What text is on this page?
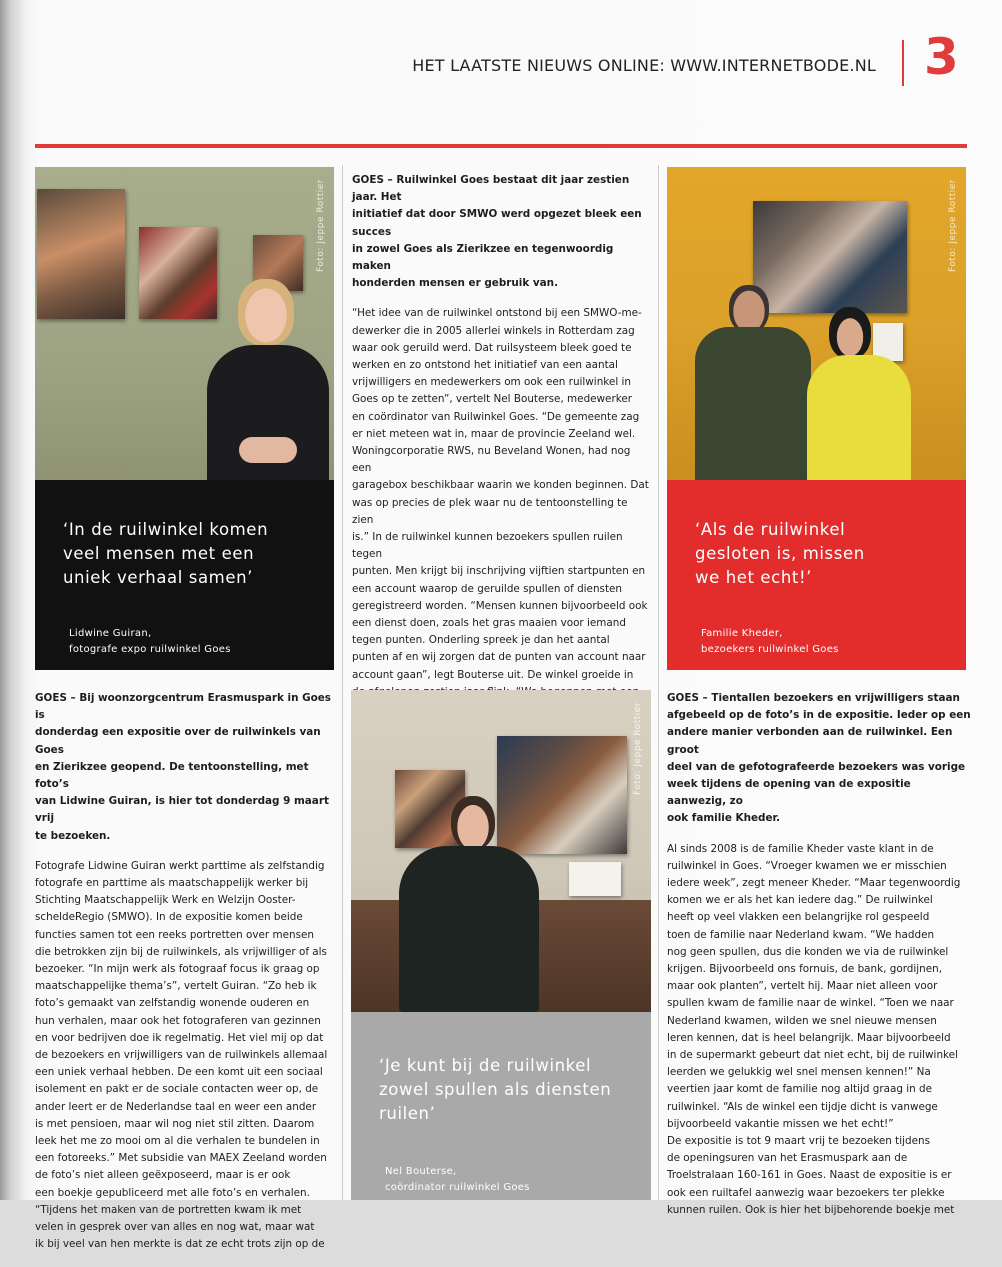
HET LAATSTE NIEUWS ONLINE: WWW.INTERNETBODE.NL 3
Foto: Jeppe Rottier
‘In de ruilwinkel komen
veel mensen met een
uniek verhaal samen’
Lidwine Guiran,
fotografe expo ruilwinkel Goes

GOES – Ruilwinkel Goes bestaat dit jaar zestien jaar. Het
initiatief dat door SMWO werd opgezet bleek een succes
in zowel Goes als Zierikzee en tegenwoordig maken
honderden mensen er gebruik van.

“Het idee van de ruilwinkel ontstond bij een SMWO-me-
dewerker die in 2005 allerlei winkels in Rotterdam zag
waar ook geruild werd. Dat ruilsysteem bleek goed te
werken en zo ontstond het initiatief van een aantal
vrijwilligers en medewerkers om ook een ruilwinkel in
Goes op te zetten”, vertelt Nel Bouterse, medewerker
en coördinator van Ruilwinkel Goes. “De gemeente zag
er niet meteen wat in, maar de provincie Zeeland wel.
Woningcorporatie RWS, nu Beveland Wonen, had nog een
garagebox beschikbaar waarin we konden beginnen. Dat
was op precies de plek waar nu de tentoonstelling te zien
is.” In de ruilwinkel kunnen bezoekers spullen ruilen tegen
punten. Men krijgt bij inschrijving vijftien startpunten en
een account waarop de geruilde spullen of diensten
geregistreerd worden. “Mensen kunnen bijvoorbeeld ook
een dienst doen, zoals het gras maaien voor iemand
tegen punten. Onderling spreek je dan het aantal
punten af en wij zorgen dat de punten van account naar
account gaan”, legt Bouterse uit. De winkel groeide in

Foto: Jeppe Rottier
‘Als de ruilwinkel
gesloten is, missen
we het echt!’
Familie Kheder,
bezoekers ruilwinkel Goes

GOES – Bij woonzorgcentrum Erasmuspark in Goes is
donderdag een expositie over de ruilwinkels van Goes
en Zierikzee geopend. De tentoonstelling, met foto’s
van Lidwine Guiran, is hier tot donderdag 9 maart vrij
te bezoeken.

Fotografe Lidwine Guiran werkt parttime als zelfstandig
fotografe en parttime als maatschappelijk werker bij
Stichting Maatschappelijk Werk en Welzijn Ooster-
scheldeRegio (SMWO). In de expositie komen beide
functies samen tot een reeks portretten over mensen
die betrokken zijn bij de ruilwinkels, als vrijwilliger of als
bezoeker. “In mijn werk als fotograaf focus ik graag op
maatschappelijke thema’s”, vertelt Guiran. “Zo heb ik
foto’s gemaakt van zelfstandig wonende ouderen en
hun verhalen, maar ook het fotograferen van gezinnen
en voor bedrijven doe ik regelmatig. Het viel mij op dat
de bezoekers en vrijwilligers van de ruilwinkels allemaal
een uniek verhaal hebben. De een komt uit een sociaal
isolement en pakt er de sociale contacten weer op, de
ander leert er de Nederlandse taal en weer een ander
is met pensioen, maar wil nog niet stil zitten. Daarom
leek het me zo mooi om al die verhalen te bundelen in
een fotoreeks.” Met subsidie van MAEX Zeeland worden
de foto’s niet alleen geëxposeerd, maar is er ook
een boekje gepubliceerd met alle foto’s en verhalen.
“Tijdens het maken van de portretten kwam ik met
velen in gesprek over van alles en nog wat, maar wat
ik bij veel van hen merkte is dat ze echt trots zijn op de

Foto: Jeppe Rottier
‘Je kunt bij de ruilwinkel
zowel spullen als diensten
ruilen’
Nel Bouterse,
coördinator ruilwinkel Goes

GOES – Tientallen bezoekers en vrijwilligers staan
afgebeeld op de foto’s in de expositie. Ieder op een
andere manier verbonden aan de ruilwinkel. Een groot
deel van de gefotografeerde bezoekers was vorige
week tijdens de opening van de expositie aanwezig, zo
ook familie Kheder.

Al sinds 2008 is de familie Kheder vaste klant in de
ruilwinkel in Goes. “Vroeger kwamen we er misschien
iedere week”, zegt meneer Kheder. “Maar tegenwoordig
komen we er als het kan iedere dag.” De ruilwinkel
heeft op veel vlakken een belangrijke rol gespeeld
toen de familie naar Nederland kwam. “We hadden
nog geen spullen, dus die konden we via de ruilwinkel
krijgen. Bijvoorbeeld ons fornuis, de bank, gordijnen,
maar ook planten”, vertelt hij. Maar niet alleen voor
spullen kwam de familie naar de winkel. “Toen we naar
Nederland kwamen, wilden we snel nieuwe mensen
leren kennen, dat is heel belangrijk. Maar bijvoorbeeld
in de supermarkt gebeurt dat niet echt, bij de ruilwinkel
leerden we gelukkig wel snel mensen kennen!” Na
veertien jaar komt de familie nog altijd graag in de
ruilwinkel. “Als de winkel een tijdje dicht is vanwege
bijvoorbeeld vakantie missen we het echt!”
De expositie is tot 9 maart vrij te bezoeken tijdens
de openingsuren van het Erasmuspark aan de
Troelstralaan 160-161 in Goes. Naast de expositie is er
ook een ruiltafel aanwezig waar bezoekers ter plekke
kunnen ruilen. Ook is hier het bijbehorende boekje met
